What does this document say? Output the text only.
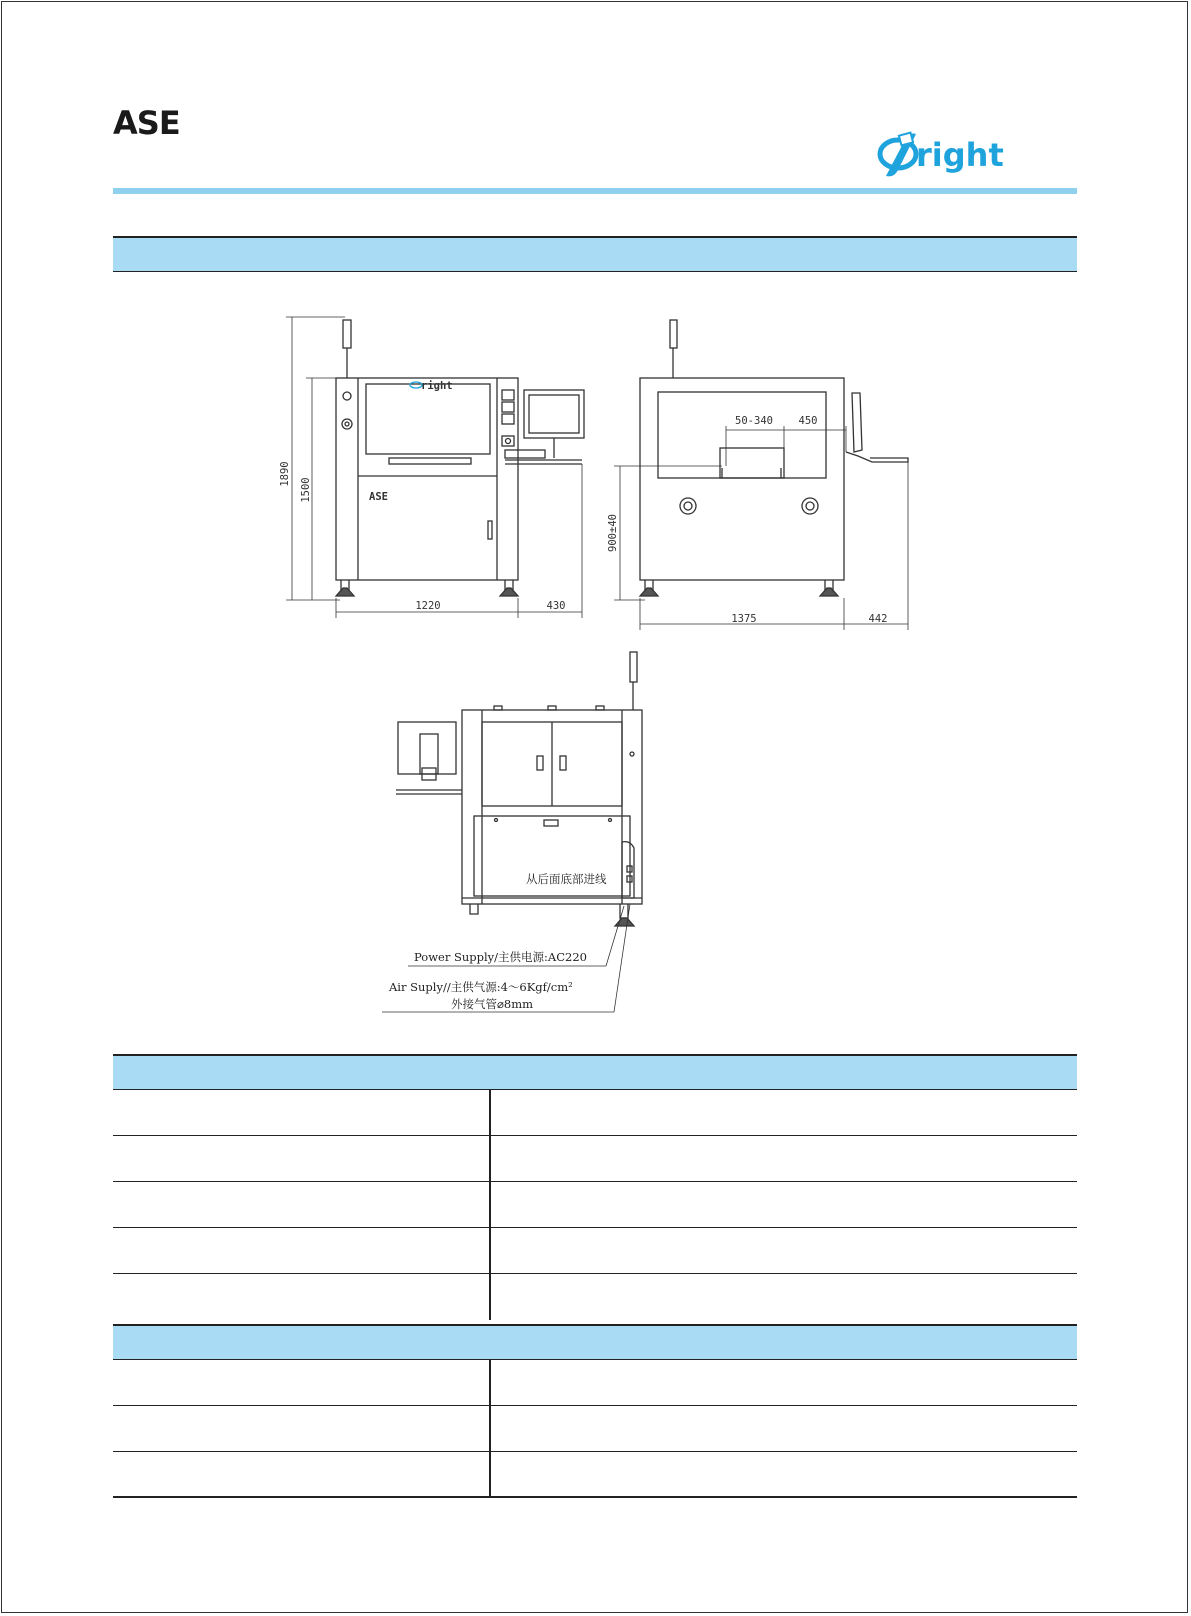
ASE
right
1890
1500
1220	430
ASE
right
50-340 450
900±40
1375	442
从后面底部进线
Power Supply/主供电源:AC220
Air Suply//主供气源:4～6Kgf/cm²
外接气管⌀8mm
